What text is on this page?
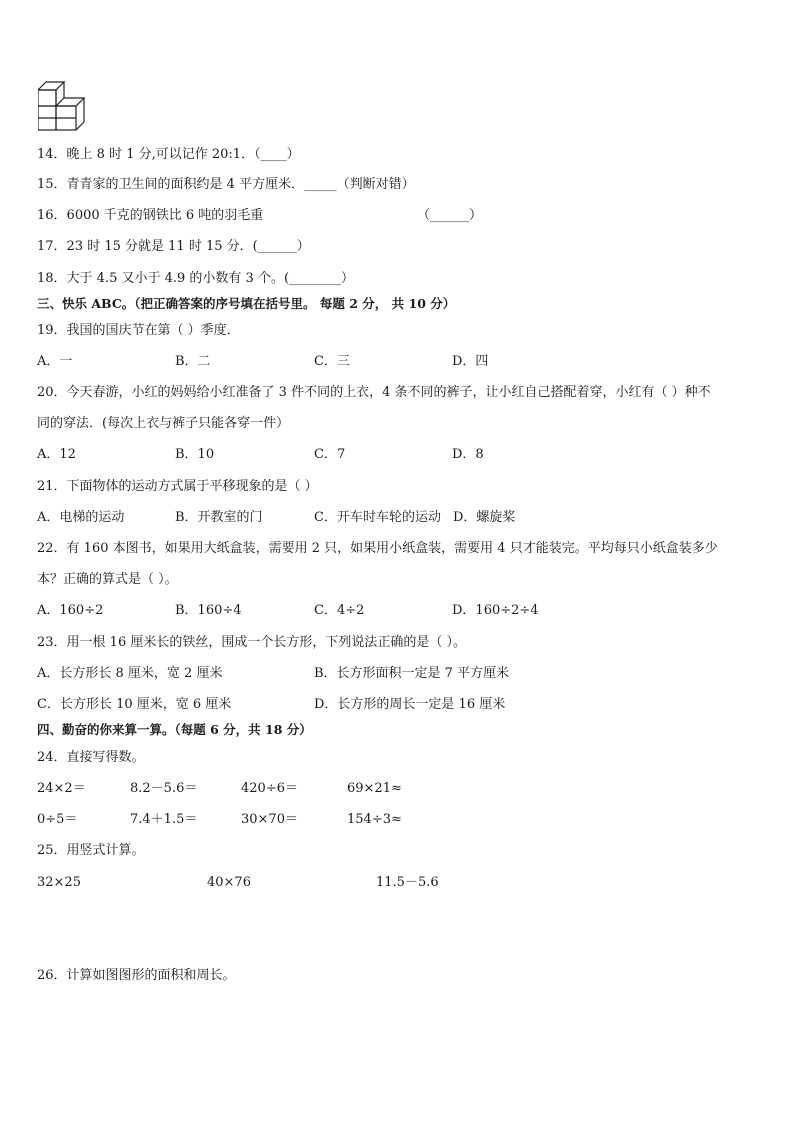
14．晚上 8 时 1 分,可以记作 20:1．（____）
15．青青家的卫生间的面积约是 4 平方厘米．_____（判断对错）
16．6000 千克的钢铁比 6 吨的羽毛重	（______）
17．23 时 15 分就是 11 时 15 分．(______）
18．大于 4.5 又小于 4.9 的小数有 3 个。(________）
三、快乐 ABC。（把正确答案的序号填在括号里。 每题 2 分， 共 10 分）
19．我国的国庆节在第（ ）季度．
A．一	B．二	C．三	D．四
20．今天春游，小红的妈妈给小红准备了 3 件不同的上衣，4 条不同的裤子，让小红自己搭配着穿，小红有（ ）种不
同的穿法．(每次上衣与裤子只能各穿一件）
A．12	B．10	C．7	D．8
21．下面物体的运动方式属于平移现象的是（ ）
A．电梯的运动	B．开教室的门	C．开车时车轮的运动 D．螺旋桨
22．有 160 本图书，如果用大纸盒装，需要用 2 只，如果用小纸盒装，需要用 4 只才能装完。平均每只小纸盒装多少
本？正确的算式是（ ）。
A．160÷2	B．160÷4	C．4÷2	D．160÷2÷4
23．用一根 16 厘米长的铁丝，围成一个长方形，下列说法正确的是（ ）。
A．长方形长 8 厘米，宽 2 厘米	B．长方形面积一定是 7 平方厘米
C．长方形长 10 厘米，宽 6 厘米	D．长方形的周长一定是 16 厘米
四、勤奋的你来算一算。（每题 6 分，共 18 分）
24．直接写得数。
24×2＝	8.2－5.6＝	420÷6＝	69×21≈
0÷5＝	7.4＋1.5＝	30×70＝	154÷3≈
25．用竖式计算。
32×25	40×76	11.5－5.6
26．计算如图图形的面积和周长。
